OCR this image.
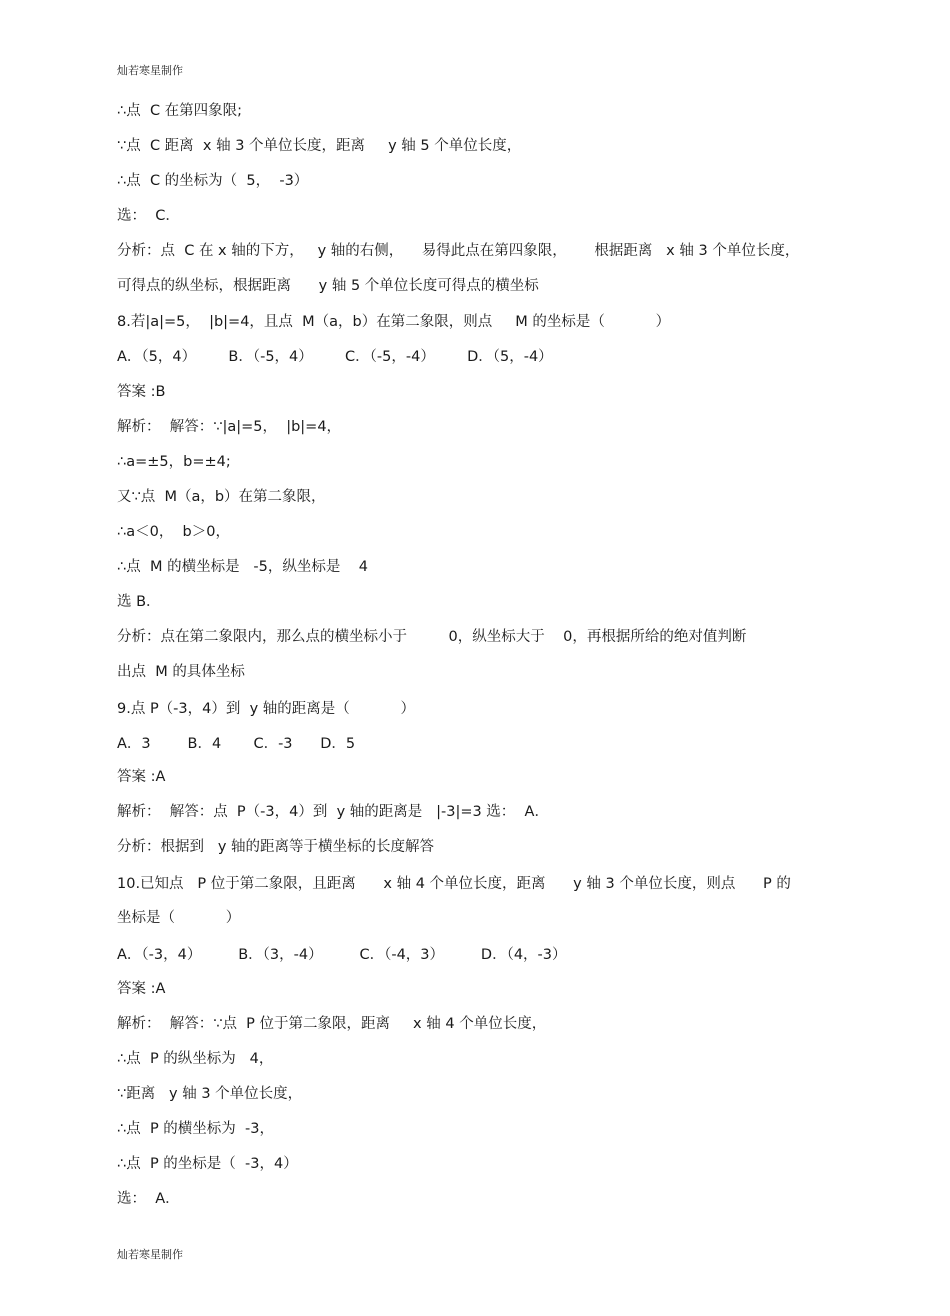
灿若寒星制作
∴点  C 在第四象限;
∵点  C 距离  x 轴 3 个单位长度，距离     y 轴 5 个单位长度，
∴点  C 的坐标为（  5，  -3）
选：  C．
分析：点  C 在 x 轴的下方，   y 轴的右侧，    易得此点在第四象限，      根据距离   x 轴 3 个单位长度，
可得点的纵坐标，根据距离      y 轴 5 个单位长度可得点的横坐标
8.若|a|=5，  |b|=4，且点  M（a，b）在第二象限，则点     M 的坐标是（           ）
A．（5，4）       B．（-5，4）       C．（-5，-4）       D．（5，-4）
答案 :B
解析：  解答：∵|a|=5，  |b|=4，
∴a=±5，b=±4;
又∵点  M（a，b）在第二象限，
∴a＜0，  b＞0，
∴点  M 的横坐标是   -5，纵坐标是    4
选 B．
分析：点在第二象限内，那么点的横坐标小于         0，纵坐标大于    0，再根据所给的绝对值判断
出点  M 的具体坐标
9.点 P（-3，4）到  y 轴的距离是（           ）
A．3        B．4       C．-3      D．5
答案 :A
解析：  解答：点  P（-3，4）到  y 轴的距离是   |-3|=3 选：  A．
分析：根据到   y 轴的距离等于横坐标的长度解答
10.已知点   P 位于第二象限，且距离      x 轴 4 个单位长度，距离      y 轴 3 个单位长度，则点      P 的
坐标是（           ）
A．（-3，4）        B．（3，-4）        C．（-4，3）        D．（4，-3）
答案 :A
解析：  解答：∵点  P 位于第二象限，距离     x 轴 4 个单位长度，
∴点  P 的纵坐标为   4，
∵距离   y 轴 3 个单位长度，
∴点  P 的横坐标为  -3，
∴点  P 的坐标是（  -3，4）
选：  A．
灿若寒星制作
